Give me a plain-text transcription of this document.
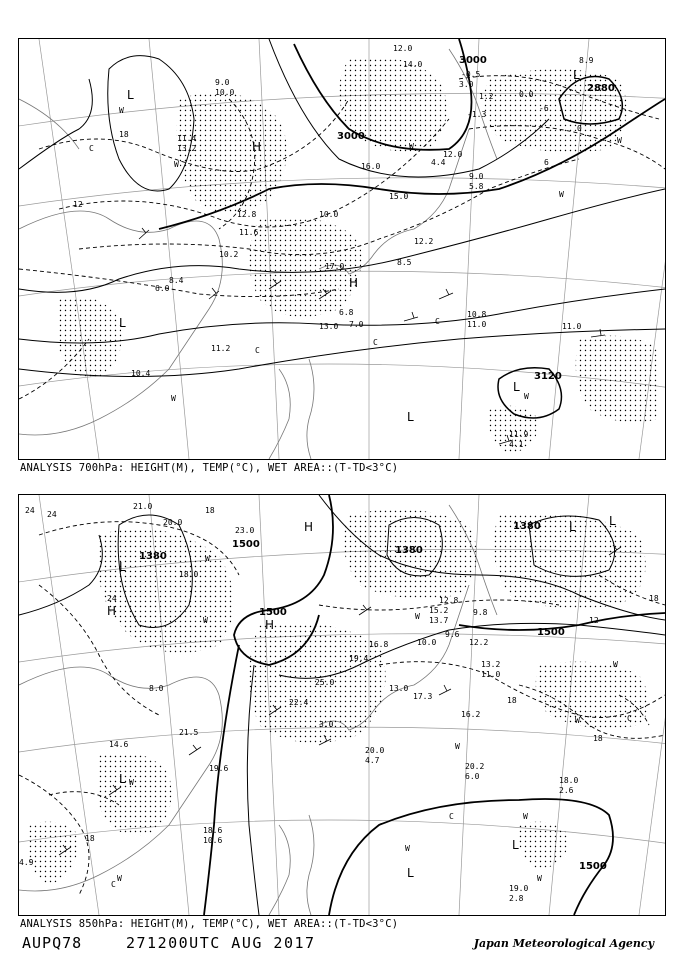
3000
3000
2880
3120
L
H
H
L
L
L
L
W
W
C
W
C
C
C
W
W
W
W
18
12
6
0
-6
9.0
10.0
12.0
14.0
11.4
13.2
12.8
11.6
10.2
8.4
10.4
11.2
13.0
6.8
7.0
10.8
11.0	11.0
8.9
-0.5
0.0
1.2
-1.3
12.0
9.0
5.8
15.0
10.0
4.4
16.0
3.0
11.9
4.1
6.0
17.0
12.2
8.5
ANALYSIS 700hPa: HEIGHT(M), TEMP(°C), WET AREA::(T-TD<3°C)
1380
1500
1500
1380
1380
1500
1500
L
H
H
H
L
L
L
L	L
W
W	W
W
W
C
W
W
C
W
W
C
W
W
24 24	18
24
18
18
12
18
18
21.0
20.0
23.0
18.0
19.4
16.8
15.2
13.7
12.8
10.0
9.6
12.2
9.8
13.2
11.0
17.3
16.2
20.0
4.7
20.2
6.0	18.0
2.6
19.0
2.8
14.6
18.6
10.6
21.5
19.6
8.0
22.4
25.0
13.0
3.0
4.9
ANALYSIS 850hPa: HEIGHT(M), TEMP(°C), WET AREA::(T-TD<3°C)
AUPQ78	271200UTC AUG 2017	Japan Meteorological Agency
